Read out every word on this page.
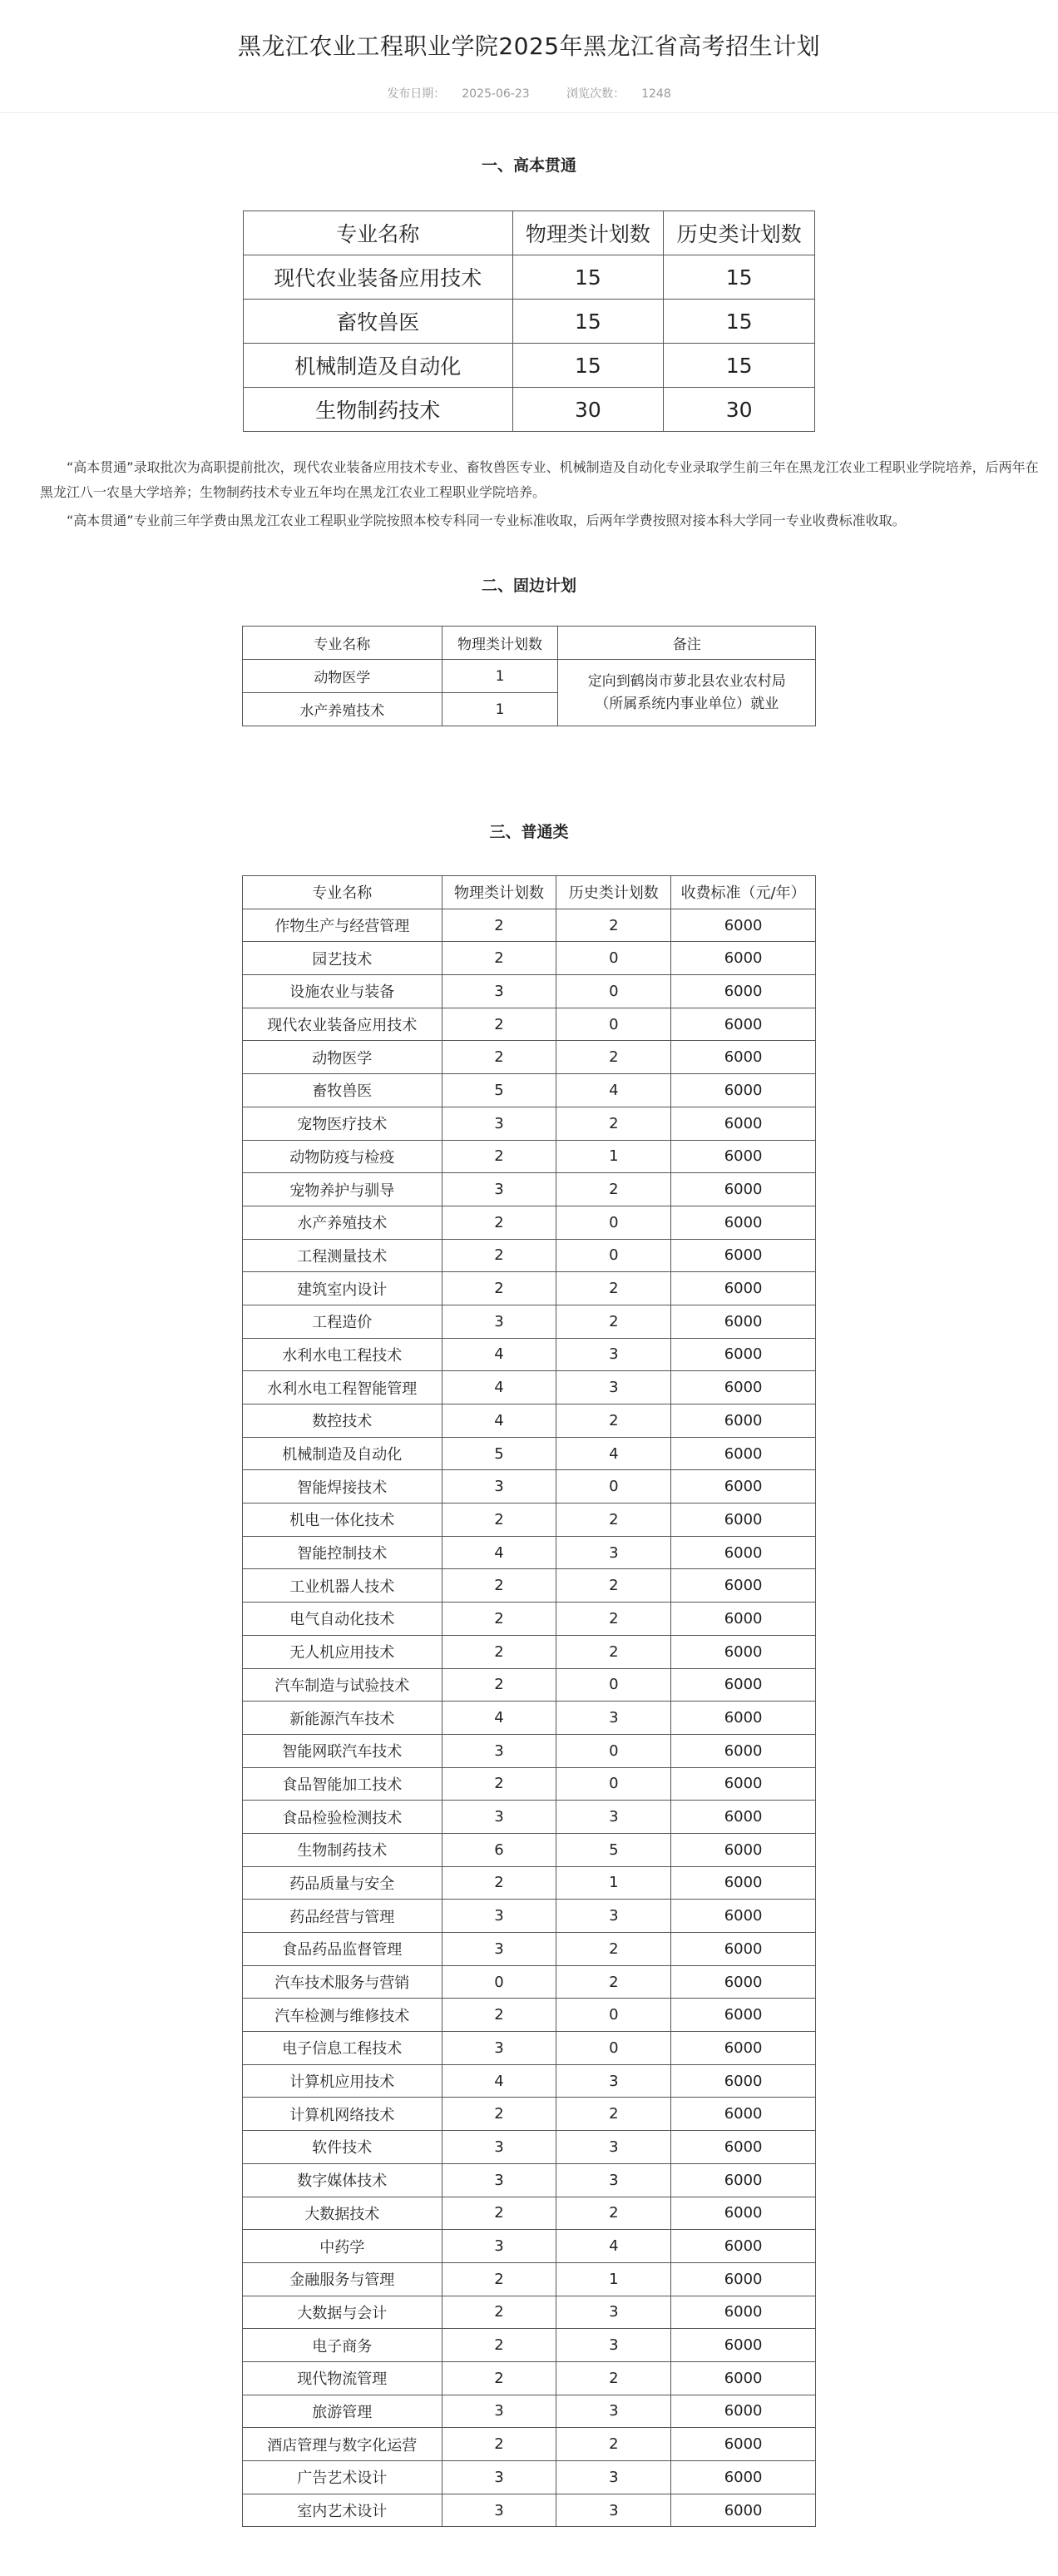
黑龙江农业工程职业学院2025年黑龙江省高考招生计划
发布日期： 2025-06-23	浏览次数： 1248
一、高本贯通
专业名称	物理类计划数	历史类计划数
现代农业装备应用技术	15	15
畜牧兽医	15	15
机械制造及自动化	15	15
生物制药技术	30	30

“高本贯通”录取批次为高职提前批次，现代农业装备应用技术专业、畜牧兽医专业、机械制造及自动化专业录取学生前三年在黑龙江农业工程职业学院培养，后两年在黑龙江八一农垦大学培养；生物制药技术专业五年均在黑龙江农业工程职业学院培养。

“高本贯通”专业前三年学费由黑龙江农业工程职业学院按照本校专科同一专业标准收取，后两年学费按照对接本科大学同一专业收费标准收取。

二、固边计划
专业名称	物理类计划数	备注
动物医学	1	定向到鹤岗市萝北县农业农村局
（所属系统内事业单位）就业

水产养殖技术	1	
三、普通类
专业名称	物理类计划数	历史类计划数	收费标准（元/年）
作物生产与经营管理	2	2	6000
园艺技术	2	0	6000
设施农业与装备	3	0	6000
现代农业装备应用技术	2	0	6000
动物医学	2	2	6000
畜牧兽医	5	4	6000
宠物医疗技术	3	2	6000
动物防疫与检疫	2	1	6000
宠物养护与驯导	3	2	6000
水产养殖技术	2	0	6000
工程测量技术	2	0	6000
建筑室内设计	2	2	6000
工程造价	3	2	6000
水利水电工程技术	4	3	6000
水利水电工程智能管理	4	3	6000
数控技术	4	2	6000
机械制造及自动化	5	4	6000
智能焊接技术	3	0	6000
机电一体化技术	2	2	6000
智能控制技术	4	3	6000
工业机器人技术	2	2	6000
电气自动化技术	2	2	6000
无人机应用技术	2	2	6000
汽车制造与试验技术	2	0	6000
新能源汽车技术	4	3	6000
智能网联汽车技术	3	0	6000
食品智能加工技术	2	0	6000
食品检验检测技术	3	3	6000
生物制药技术	6	5	6000
药品质量与安全	2	1	6000
药品经营与管理	3	3	6000
食品药品监督管理	3	2	6000
汽车技术服务与营销	0	2	6000
汽车检测与维修技术	2	0	6000
电子信息工程技术	3	0	6000
计算机应用技术	4	3	6000
计算机网络技术	2	2	6000
软件技术	3	3	6000
数字媒体技术	3	3	6000
大数据技术	2	2	6000
中药学	3	4	6000
金融服务与管理	2	1	6000
大数据与会计	2	3	6000
电子商务	2	3	6000
现代物流管理	2	2	6000
旅游管理	3	3	6000
酒店管理与数字化运营	2	2	6000
广告艺术设计	3	3	6000
室内艺术设计	3	3	6000
